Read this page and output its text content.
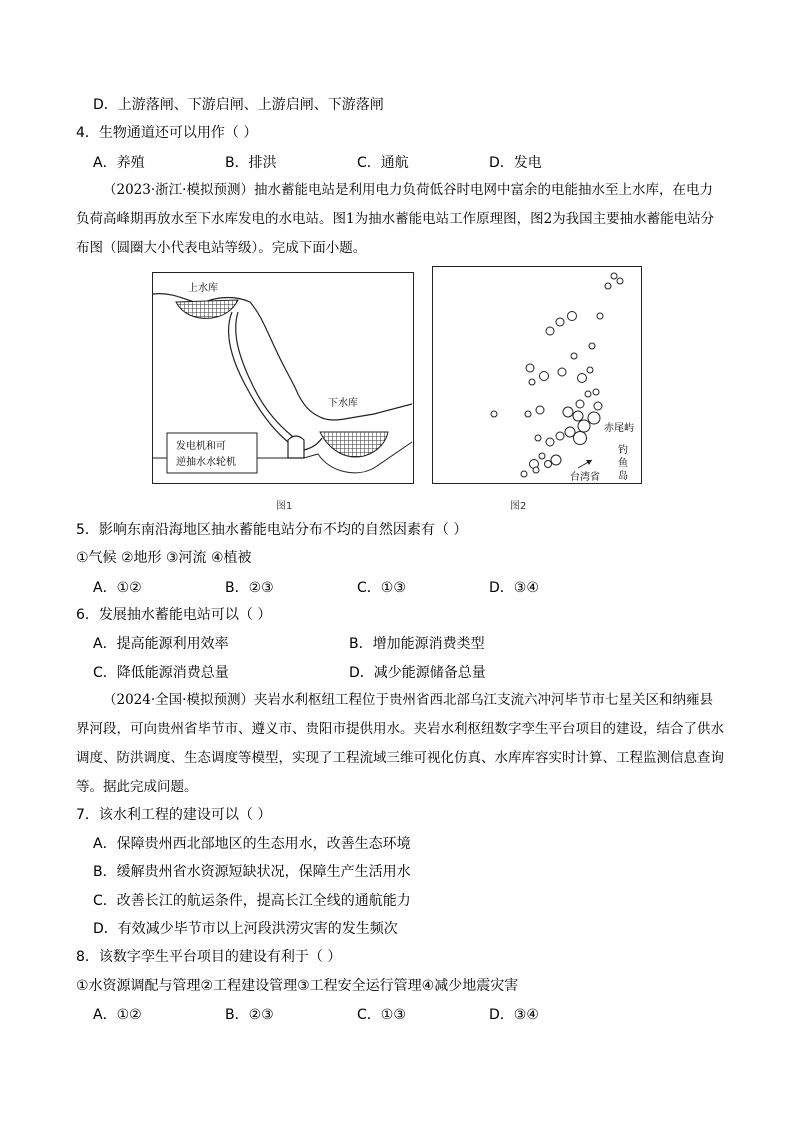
D．上游落闸、下游启闸、上游启闸、下游落闸
4．生物通道还可以用作（ ）
A．养殖	B．排洪	C．通航	D．发电
（2023·浙江·模拟预测）抽水蓄能电站是利用电力负荷低谷时电网中富余的电能抽水至上水库，在电力负荷高峰期再放水至下水库发电的水电站。图1为抽水蓄能电站工作原理图，图2为我国主要抽水蓄能电站分布图（圆圈大小代表电站等级）。完成下面小题。
上水库
下水库
发电机和可
逆抽水水轮机
图1
赤尾屿
钓
鱼
岛
台湾省
图2
5．影响东南沿海地区抽水蓄能电站分布不均的自然因素有（ ）
①气候 ②地形 ③河流 ④植被
A．①②	B．②③	C．①③	D．③④
6．发展抽水蓄能电站可以（ ）
A．提高能源利用效率	B．增加能源消费类型
C．降低能源消费总量	D．减少能源储备总量
（2024·全国·模拟预测）夹岩水利枢纽工程位于贵州省西北部乌江支流六冲河毕节市七星关区和纳雍县界河段，可向贵州省毕节市、遵义市、贵阳市提供用水。夹岩水利枢纽数字孪生平台项目的建设，结合了供水调度、防洪调度、生态调度等模型，实现了工程流域三维可视化仿真、水库库容实时计算、工程监测信息查询等。据此完成问题。
7．该水利工程的建设可以（ ）
A．保障贵州西北部地区的生态用水，改善生态环境
B．缓解贵州省水资源短缺状况，保障生产生活用水
C．改善长江的航运条件，提高长江全线的通航能力
D．有效减少毕节市以上河段洪涝灾害的发生频次
8．该数字孪生平台项目的建设有利于（ ）
①水资源调配与管理②工程建设管理③工程安全运行管理④减少地震灾害
A．①②	B．②③	C．①③	D．③④
